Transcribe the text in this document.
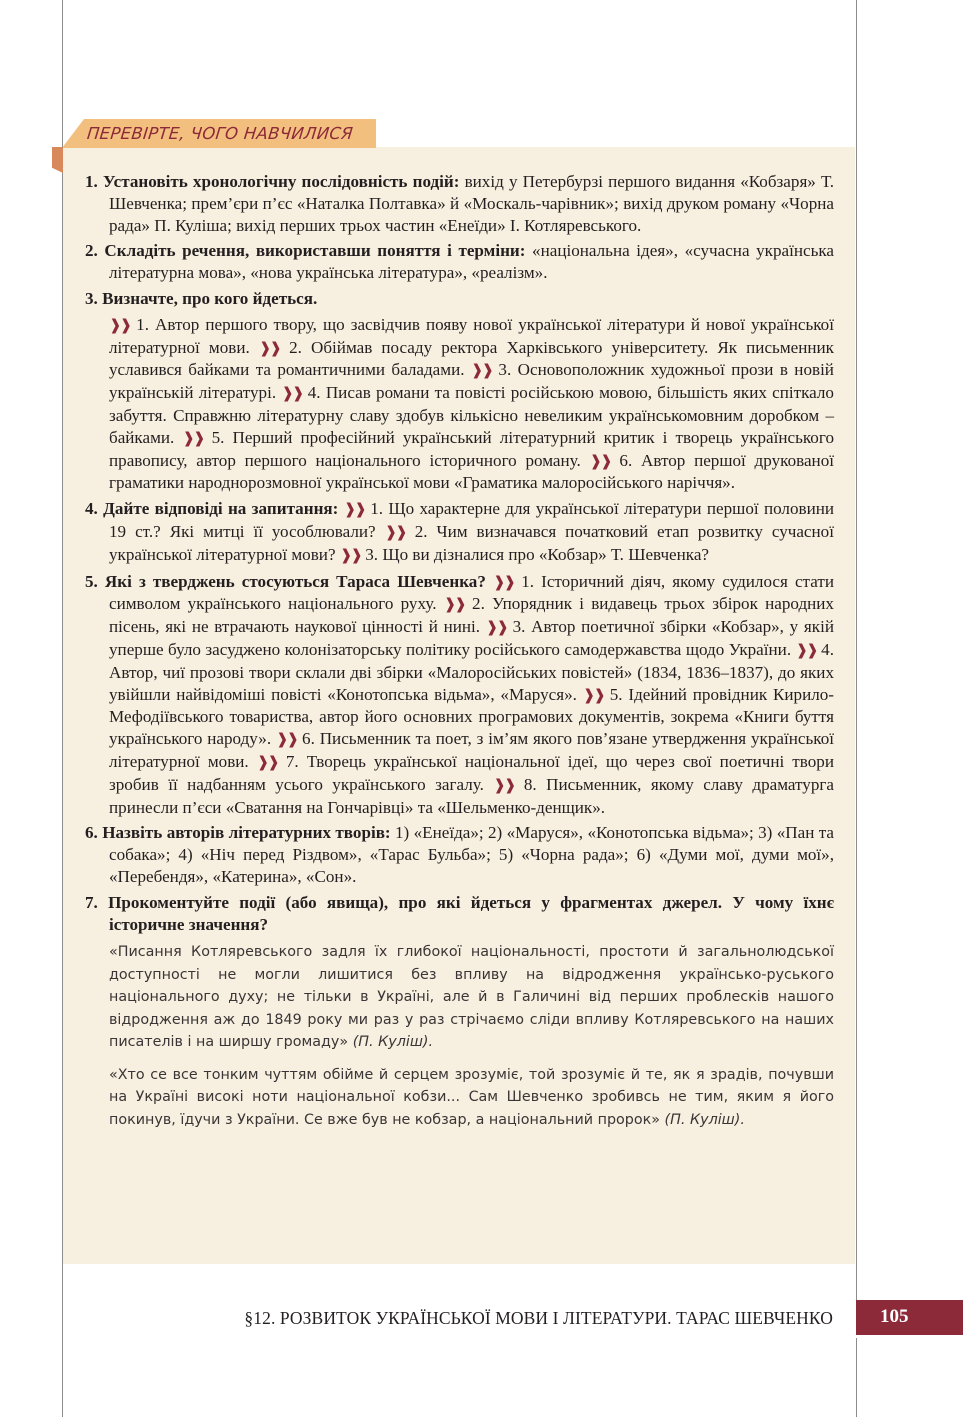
ПЕРЕВІРТЕ, ЧОГО НАВЧИЛИСЯ

1. Установіть хронологічну послідовність подій: вихід у Петербурзі першого видання «Кобзаря» Т. Шевченка; прем’єри п’єс «Наталка Полтавка» й «Москаль-чарівник»; вихід друком роману «Чорна рада» П. Куліша; вихід перших трьох частин «Енеїди» І. Котляревського.

2. Складіть речення, використавши поняття і терміни: «національна ідея», «сучасна українська літературна мова», «нова українська література», «реалізм».

3. Визначте, про кого йдеться.

❱❱ 1. Автор першого твору, що засвідчив появу нової української літератури й нової української літературної мови. ❱❱ 2. Обіймав посаду ректора Харківського університету. Як письменник уславився байками та романтичними баладами. ❱❱ 3. Основоположник художньої прози в новій українській літературі. ❱❱ 4. Писав романи та повісті російською мовою, більшість яких спіткало забуття. Справжню літературну славу здобув кількісно невеликим українськомовним доробком – байками. ❱❱ 5. Перший професійний український літературний критик і творець українського правопису, автор першого національного історичного роману. ❱❱ 6. Автор першої друкованої граматики народнорозмовної української мови «Граматика малоросійського наріччя».

4. Дайте відповіді на запитання: ❱❱ 1. Що характерне для української літератури першої половини 19 ст.? Які митці її уособлювали? ❱❱ 2. Чим визначався початковий етап розвитку сучасної української літературної мови? ❱❱ 3. Що ви дізналися про «Кобзар» Т. Шевченка?

5. Які з тверджень стосуються Тараса Шевченка? ❱❱ 1. Історичний діяч, якому судилося стати символом українського національного руху. ❱❱ 2. Упорядник і видавець трьох збірок народних пісень, які не втрачають наукової цінності й нині. ❱❱ 3. Автор поетичної збірки «Кобзар», у якій уперше було засуджено колонізаторську політику російського самодержавства щодо України. ❱❱ 4. Автор, чиї прозові твори склали дві збірки «Малоросійських повістей» (1834, 1836–1837), до яких увійшли найвідоміші повісті «Конотопська відьма», «Маруся». ❱❱ 5. Ідейний провідник Кирило-Мефодіївського товариства, автор його основних програмових документів, зокрема «Книги буття українського народу». ❱❱ 6. Письменник та поет, з ім’ям якого пов’язане утвердження української літературної мови. ❱❱ 7. Творець української національної ідеї, що через свої поетичні твори зробив її надбанням усього українського загалу. ❱❱ 8. Письменник, якому славу драматурга принесли п’єси «Сватання на Гончарівці» та «Шельменко-денщик».

6. Назвіть авторів літературних творів: 1) «Енеїда»; 2) «Маруся», «Конотопська відьма»; 3) «Пан та собака»; 4) «Ніч перед Різдвом», «Тарас Бульба»; 5) «Чорна рада»; 6) «Думи мої, думи мої», «Перебендя», «Катерина», «Сон».

7. Прокоментуйте події (або явища), про які йдеться у фрагментах джерел. У чому їхнє історичне значення?

«Писання Котляревського задля їх глибокої національності, простоти й загальнолюдської доступності не могли лишитися без впливу на відродження українсько-руського національного духу; не тільки в Україні, але й в Галичині від перших проблесків нашого відродження аж до 1849 року ми раз у раз стрічаємо сліди впливу Котляревського на наших писателів і на ширшу громаду» (П. Куліш).

«Хто се все тонким чуттям обійме й серцем зрозуміє, той зрозуміє й те, як я зрадів, почувши на Україні високі ноти національної кобзи... Сам Шевченко зробивсь не тим, яким я його покинув, їдучи з України. Се вже був не кобзар, а національний пророк» (П. Куліш).

§12. РОЗВИТОК УКРАЇНСЬКОЇ МОВИ І ЛІТЕРАТУРИ. ТАРАС ШЕВЧЕНКО	105
